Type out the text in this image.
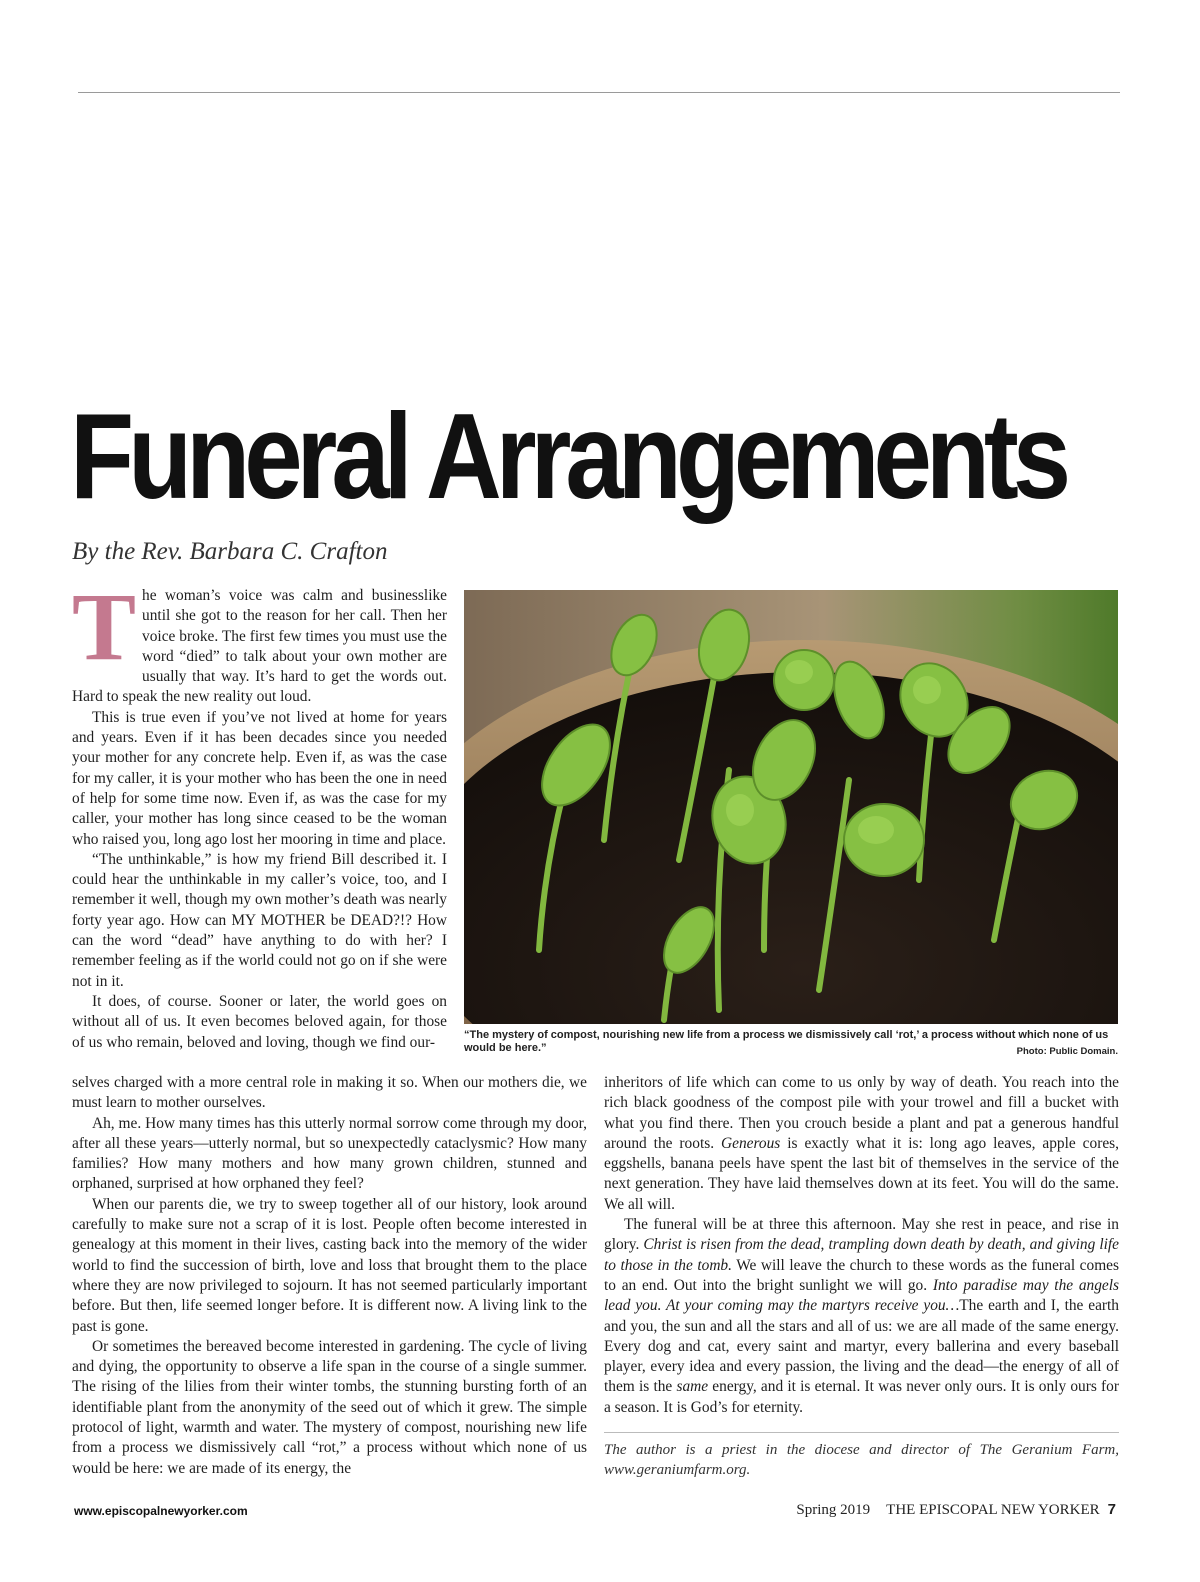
Funeral Arrangements

By the Rev. Barbara C. Crafton

The woman’s voice was calm and businesslike until she got to the reason for her call. Then her voice broke. The first few times you must use the word “died” to talk about your own mother are usually that way. It’s hard to get the words out. Hard to speak the new reality out loud.

This is true even if you’ve not lived at home for years and years. Even if it has been decades since you needed your mother for any concrete help. Even if, as was the case for my caller, it is your mother who has been the one in need of help for some time now. Even if, as was the case for my caller, your mother has long since ceased to be the woman who raised you, long ago lost her mooring in time and place.

“The unthinkable,” is how my friend Bill described it. I could hear the unthinkable in my caller’s voice, too, and I remember it well, though my own mother’s death was nearly forty year ago. How can MY MOTHER be DEAD?!? How can the word “dead” have anything to do with her? I remember feeling as if the world could not go on if she were not in it.

It does, of course. Sooner or later, the world goes on without all of us. It even becomes beloved again, for those of us who remain, beloved and loving, though we find our-	“The mystery of compost, nourishing new life from a process we dismissively call ‘rot,’ a process without which none of us would be here.”	Photo: Public Domain.

selves charged with a more central role in making it so. When our mothers die, we must learn to mother ourselves.

Ah, me. How many times has this utterly normal sorrow come through my door, after all these years—utterly normal, but so unexpectedly cataclysmic? How many families? How many mothers and how many grown children, stunned and orphaned, surprised at how orphaned they feel?

When our parents die, we try to sweep together all of our history, look around carefully to make sure not a scrap of it is lost. People often become interested in genealogy at this moment in their lives, casting back into the memory of the wider world to find the succession of birth, love and loss that brought them to the place where they are now privileged to sojourn. It has not seemed particularly important before. But then, life seemed longer before. It is different now. A living link to the past is gone.

Or sometimes the bereaved become interested in gardening. The cycle of living and dying, the opportunity to observe a life span in the course of a single summer. The rising of the lilies from their winter tombs, the stunning bursting forth of an identifiable plant from the anonymity of the seed out of which it grew. The simple protocol of light, warmth and water. The mystery of compost, nourishing new life from a process we dismissively call “rot,” a process without which none of us would be here: we are made of its energy, the

inheritors of life which can come to us only by way of death. You reach into the rich black goodness of the compost pile with your trowel and fill a bucket with what you find there. Then you crouch beside a plant and pat a generous handful around the roots. Generous is exactly what it is: long ago leaves, apple cores, eggshells, banana peels have spent the last bit of themselves in the service of the next generation. They have laid themselves down at its feet. You will do the same. We all will.

The funeral will be at three this afternoon. May she rest in peace, and rise in glory. Christ is risen from the dead, trampling down death by death, and giving life to those in the tomb. We will leave the church to these words as the funeral comes to an end. Out into the bright sunlight we will go. Into paradise may the angels lead you. At your coming may the martyrs receive you…The earth and I, the earth and you, the sun and all the stars and all of us: we are all made of the same energy. Every dog and cat, every saint and martyr, every ballerina and every baseball player, every idea and every passion, the living and the dead—the energy of all of them is the same energy, and it is eternal. It was never only ours. It is only ours for a season. It is God’s for eternity.

The author is a priest in the diocese and director of The Geranium Farm, www.geraniumfarm.org.

www.episcopalnewyorker.com	Spring 2019 THE EPISCOPAL NEW YORKER 7
